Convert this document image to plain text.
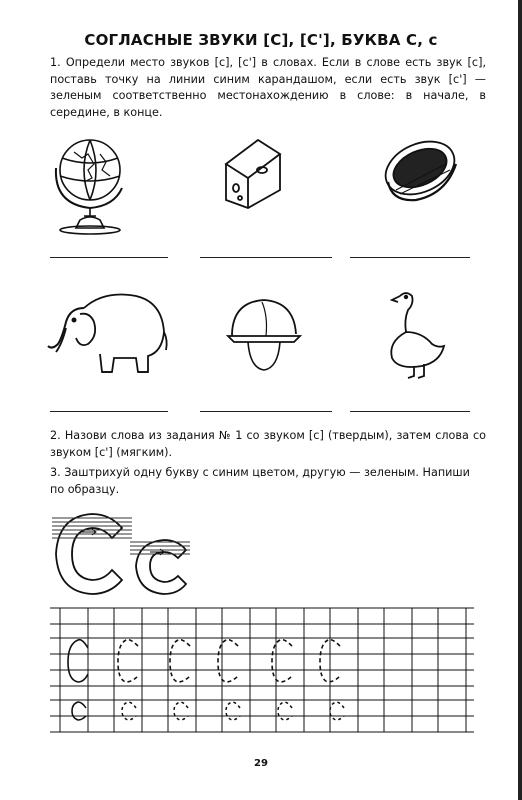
СОГЛАСНЫЕ ЗВУКИ [С], [С'], БУКВА С, с
1. Определи место звуков [с], [с'] в словах. Если в слове есть звук [с], поставь точку на линии синим карандашом, если есть звук [с'] — зеленым соответственно местонахождению в слове: в начале, в середине, в конце.
2. Назови слова из задания № 1 со звуком [с] (твердым), затем слова со звуком [с'] (мягким).
3. Заштрихуй одну букву с синим цветом, другую — зеленым. Напиши по образцу.
29
